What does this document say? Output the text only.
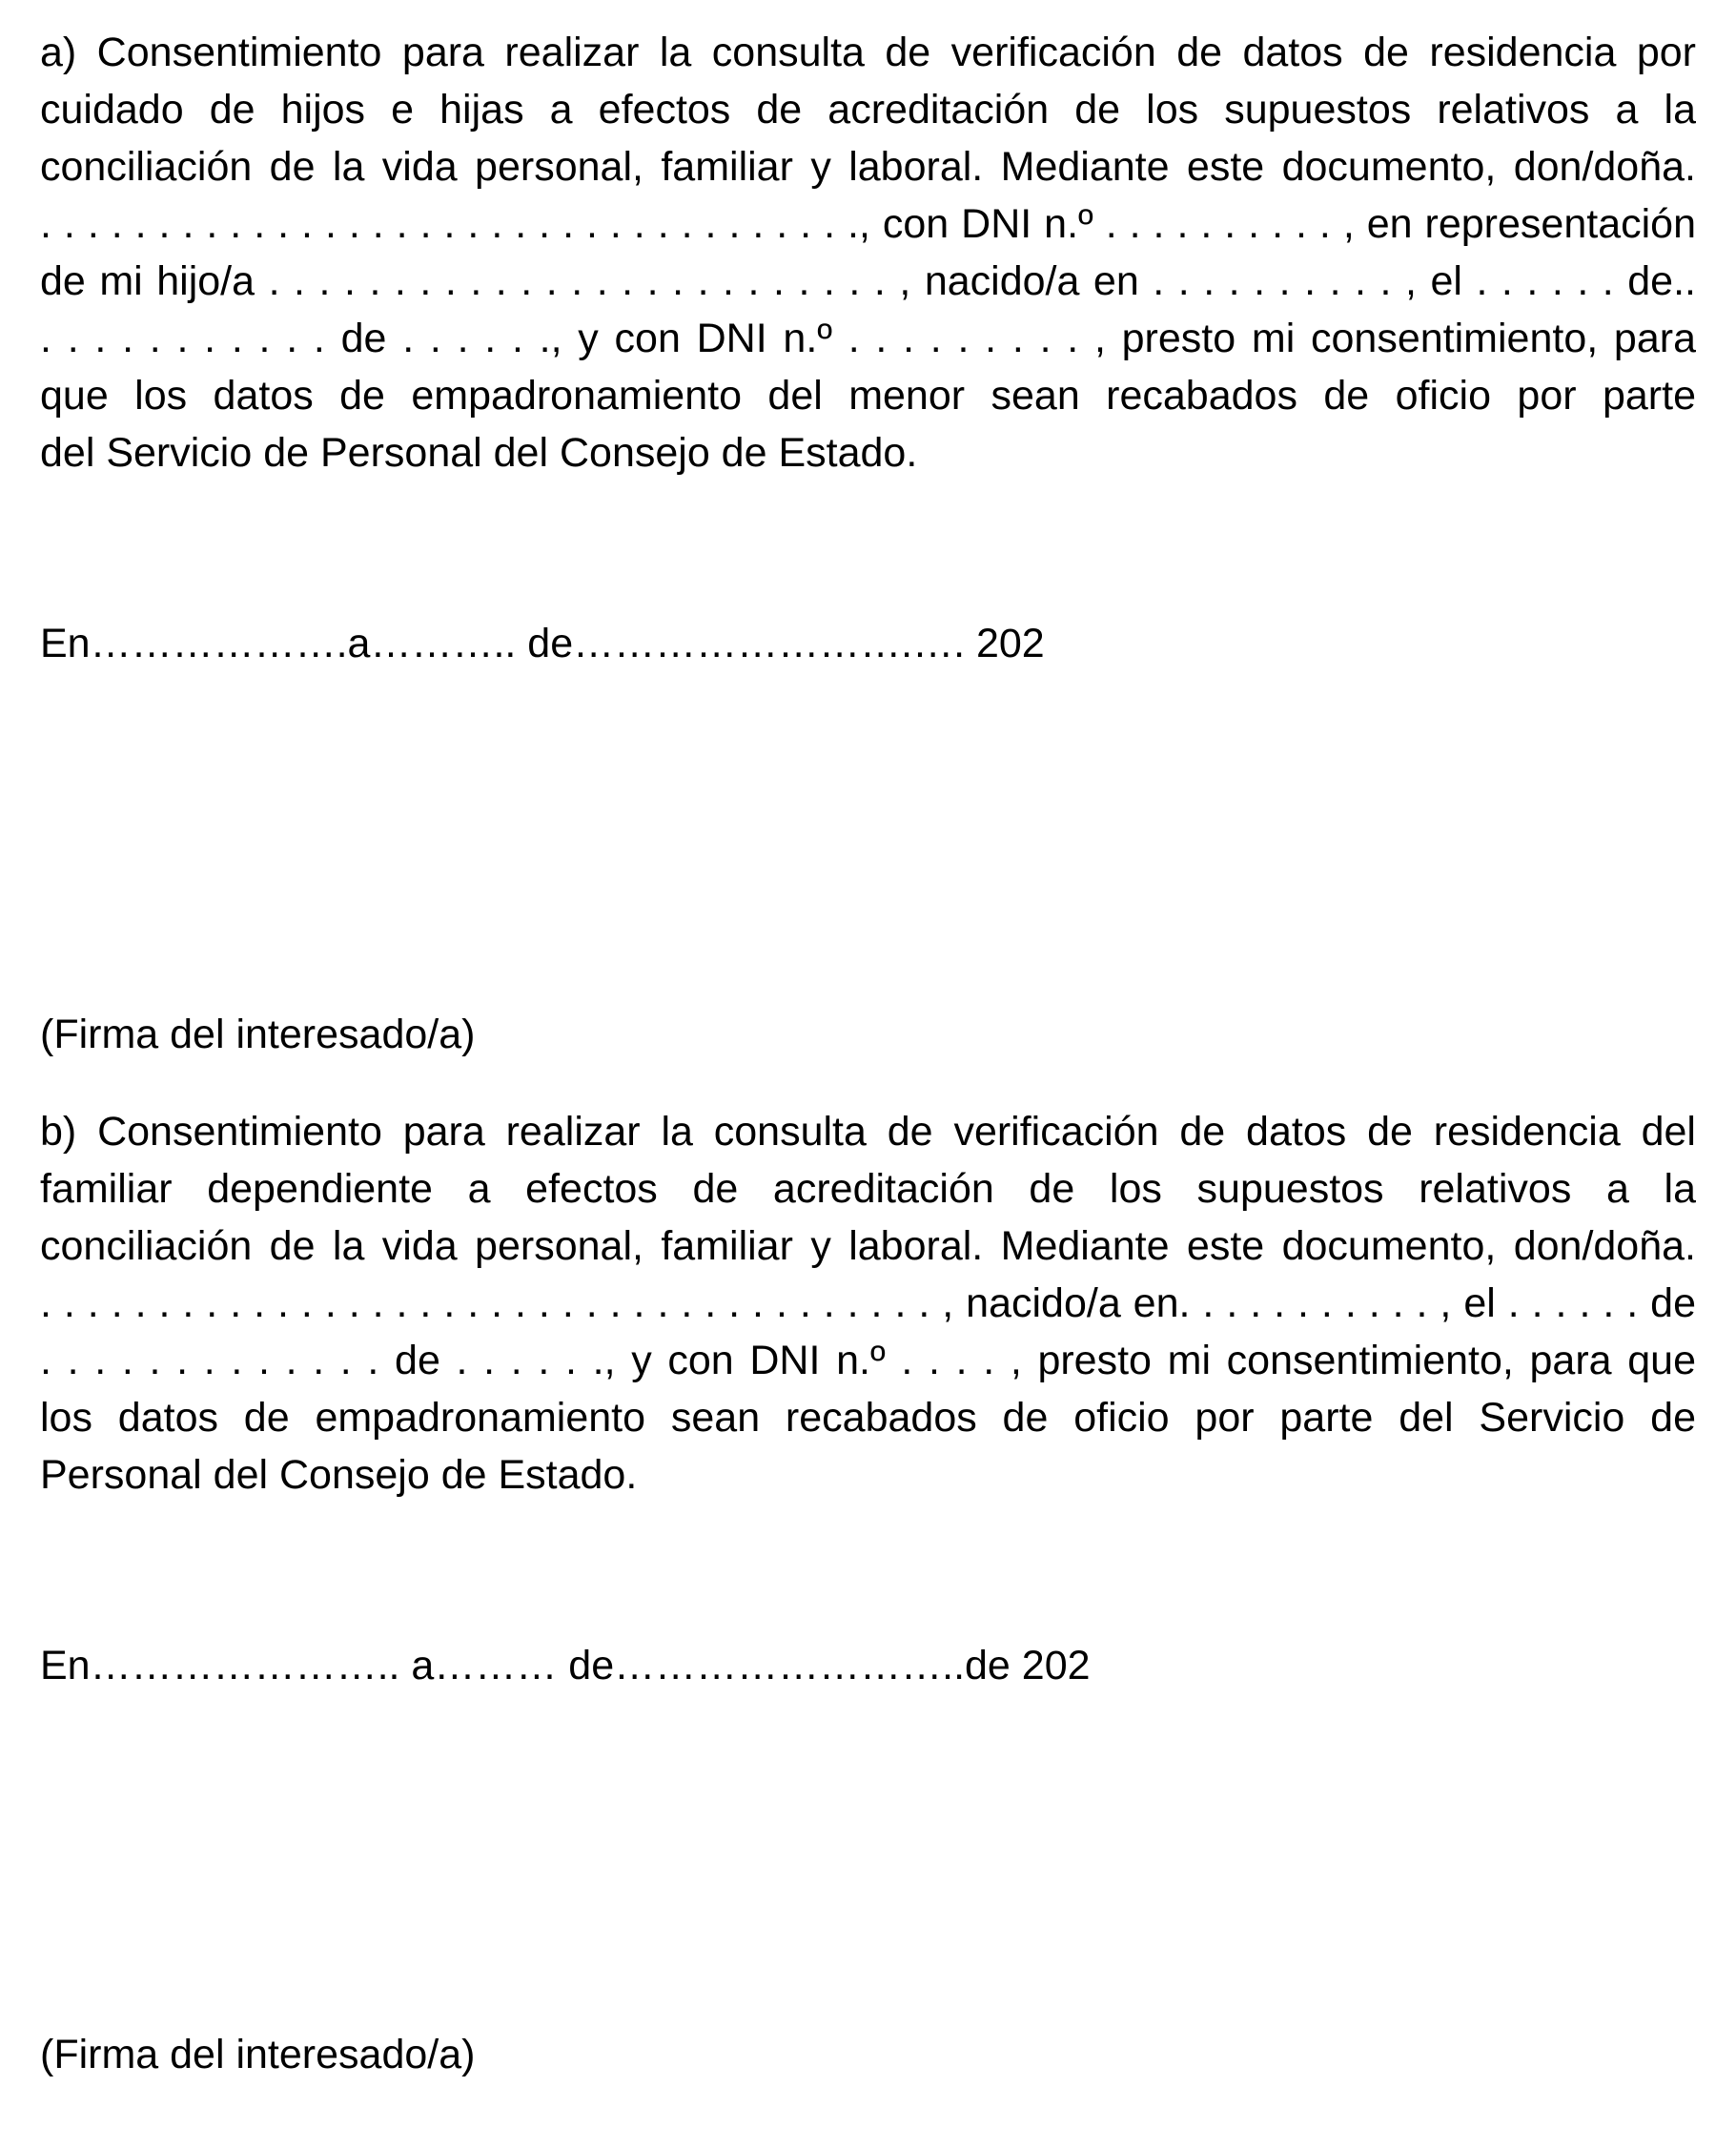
a) Consentimiento para realizar la consulta de verificación de datos de residencia por
cuidado de hijos e hijas a efectos de acreditación de los supuestos relativos a la
conciliación de la vida personal, familiar y laboral. Mediante este documento, don/doña.
. . . . . . . . . . . . . . . . . . . . . . . . . . . . . . . . . . ., con DNI n.º . . . . . . . . . . , en representación
de mi hijo/a . . . . . . . . . . . . . . . . . . . . . . . . . , nacido/a en . . . . . . . . . . , el . . . . . . de..
. . . . . . . . . . . de . . . . . ., y con DNI n.º . . . . . . . . . , presto mi consentimiento, para
que los datos de empadronamiento del menor sean recabados de oficio por parte
del Servicio de Personal del Consejo de Estado.
En……………….a……….. de…………………….…. 202
(Firma del interesado/a)
b) Consentimiento para realizar la consulta de verificación de datos de residencia del
familiar dependiente a efectos de acreditación de los supuestos relativos a la
conciliación de la vida personal, familiar y laboral. Mediante este documento, don/doña.
. . . . . . . . . . . . . . . . . . . . . . . . . . . . . . . . . . . . . . , nacido/a en. . . . . . . . . . . , el . . . . . . de
. . . . . . . . . . . . . de . . . . . ., y con DNI n.º . . . . , presto mi consentimiento, para que
los datos de empadronamiento sean recabados de oficio por parte del Servicio de
Personal del Consejo de Estado.
En………………….. a……… de……………………..de 202
(Firma del interesado/a)
